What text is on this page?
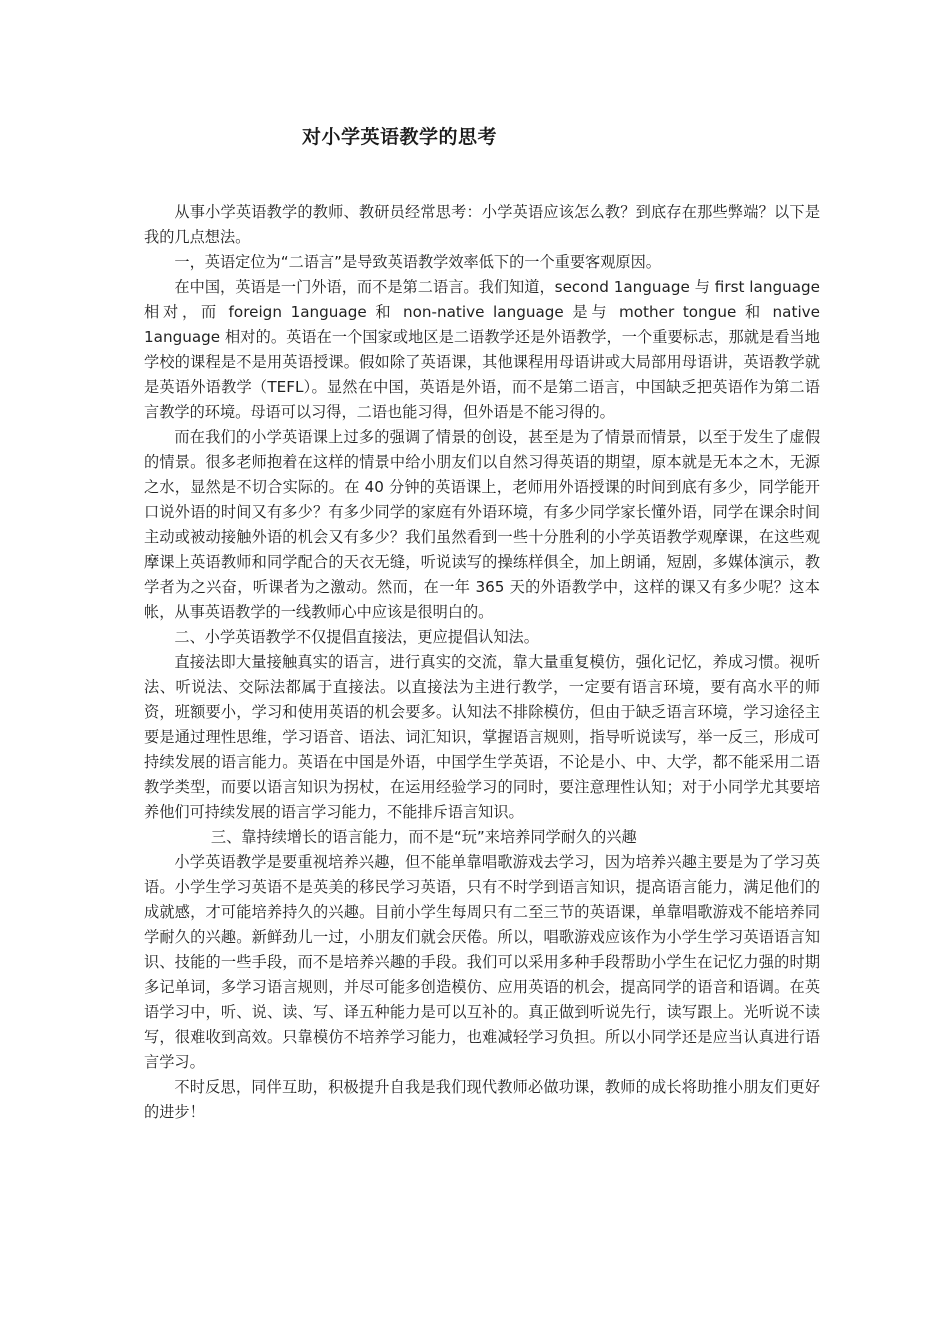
对小学英语教学的思考

从事小学英语教学的教师、教研员经常思考：小学英语应该怎么教？到底存在那些弊端？以下是我的几点想法。

一，英语定位为“二语言”是导致英语教学效率低下的一个重要客观原因。

在中国，英语是一门外语，而不是第二语言。我们知道，second 1anguage 与 first language 相对，而 foreign 1anguage 和 non-native language 是与 mother tongue 和 native 1anguage 相对的。英语在一个国家或地区是二语教学还是外语教学，一个重要标志，那就是看当地学校的课程是不是用英语授课。假如除了英语课，其他课程用母语讲或大局部用母语讲，英语教学就是英语外语教学（TEFL）。显然在中国，英语是外语，而不是第二语言，中国缺乏把英语作为第二语言教学的环境。母语可以习得，二语也能习得，但外语是不能习得的。

而在我们的小学英语课上过多的强调了情景的创设，甚至是为了情景而情景，以至于发生了虚假的情景。很多老师抱着在这样的情景中给小朋友们以自然习得英语的期望，原本就是无本之木，无源之水，显然是不切合实际的。在 40 分钟的英语课上，老师用外语授课的时间到底有多少，同学能开口说外语的时间又有多少？有多少同学的家庭有外语环境，有多少同学家长懂外语，同学在课余时间主动或被动接触外语的机会又有多少？我们虽然看到一些十分胜利的小学英语教学观摩课，在这些观摩课上英语教师和同学配合的天衣无缝，听说读写的操练样俱全，加上朗诵，短剧，多媒体演示，教学者为之兴奋，听课者为之激动。然而，在一年 365 天的外语教学中，这样的课又有多少呢？这本帐，从事英语教学的一线教师心中应该是很明白的。

二、小学英语教学不仅提倡直接法，更应提倡认知法。

直接法即大量接触真实的语言，进行真实的交流，靠大量重复模仿，强化记忆，养成习惯。视听法、听说法、交际法都属于直接法。以直接法为主进行教学，一定要有语言环境，要有高水平的师资，班额要小，学习和使用英语的机会要多。认知法不排除模仿，但由于缺乏语言环境，学习途径主要是通过理性思维，学习语音、语法、词汇知识，掌握语言规则，指导听说读写，举一反三，形成可持续发展的语言能力。英语在中国是外语，中国学生学英语，不论是小、中、大学，都不能采用二语教学类型，而要以语言知识为拐杖，在运用经验学习的同时，要注意理性认知；对于小同学尤其要培养他们可持续发展的语言学习能力，不能排斥语言知识。

三、靠持续增长的语言能力，而不是“玩”来培养同学耐久的兴趣

小学英语教学是要重视培养兴趣，但不能单靠唱歌游戏去学习，因为培养兴趣主要是为了学习英语。小学生学习英语不是英美的移民学习英语，只有不时学到语言知识，提高语言能力，满足他们的成就感，才可能培养持久的兴趣。目前小学生每周只有二至三节的英语课，单靠唱歌游戏不能培养同学耐久的兴趣。新鲜劲儿一过，小朋友们就会厌倦。所以，唱歌游戏应该作为小学生学习英语语言知识、技能的一些手段，而不是培养兴趣的手段。我们可以采用多种手段帮助小学生在记忆力强的时期多记单词，多学习语言规则，并尽可能多创造模仿、应用英语的机会，提高同学的语音和语调。在英语学习中，听、说、读、写、译五种能力是可以互补的。真正做到听说先行，读写跟上。光听说不读写，很难收到高效。只靠模仿不培养学习能力，也难减轻学习负担。所以小同学还是应当认真进行语言学习。

不时反思，同伴互助，积极提升自我是我们现代教师必做功课，教师的成长将助推小朋友们更好的进步！
